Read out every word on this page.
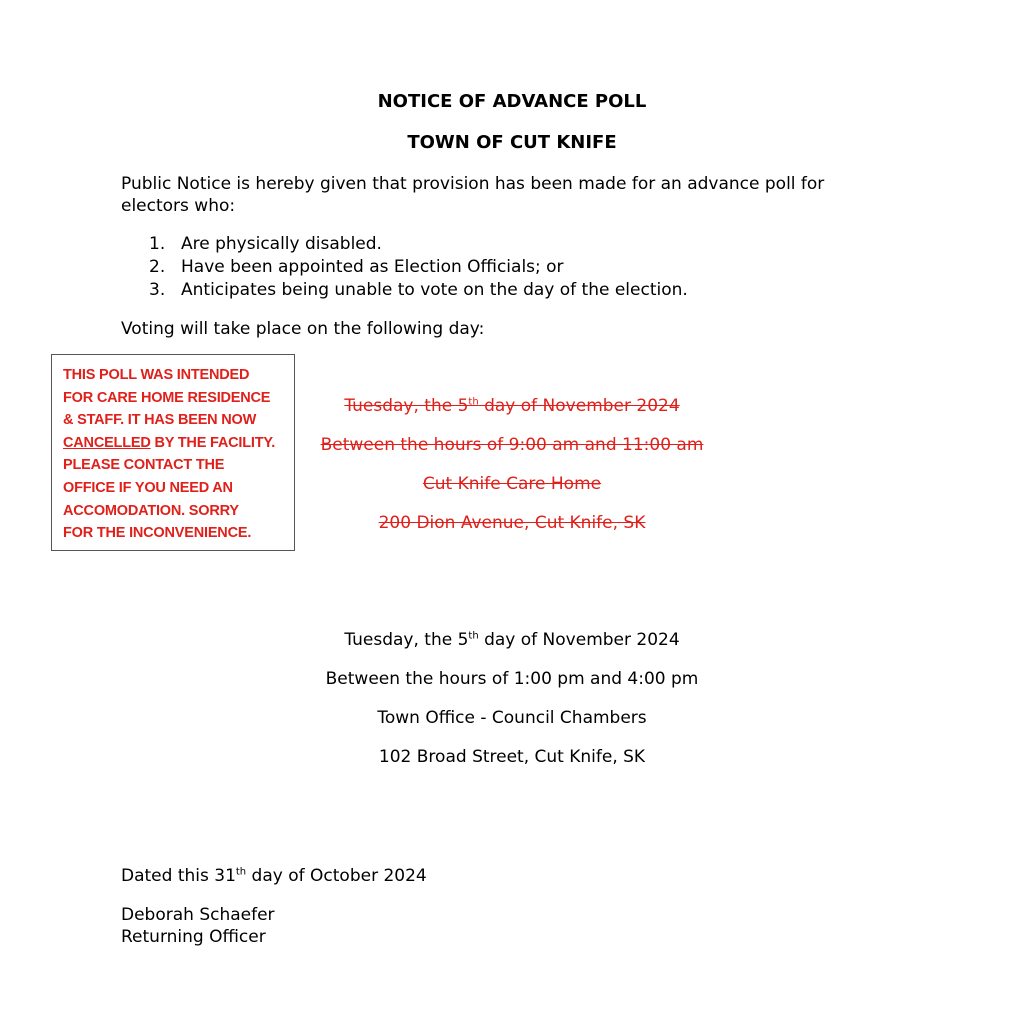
NOTICE OF ADVANCE POLL
TOWN OF CUT KNIFE
Public Notice is hereby given that provision has been made for an advance poll for
electors who:
1. Are physically disabled.
2. Have been appointed as Election Officials; or
3. Anticipates being unable to vote on the day of the election.
Voting will take place on the following day:
THIS POLL WAS INTENDED
FOR CARE HOME RESIDENCE
& STAFF. IT HAS BEEN NOW
CANCELLED BY THE FACILITY.
PLEASE CONTACT THE
OFFICE IF YOU NEED AN
ACCOMODATION. SORRY
FOR THE INCONVENIENCE.
Tuesday, the 5th day of November 2024
Between the hours of 9:00 am and 11:00 am
Cut Knife Care Home
200 Dion Avenue, Cut Knife, SK
Tuesday, the 5th day of November 2024
Between the hours of 1:00 pm and 4:00 pm
Town Office - Council Chambers
102 Broad Street, Cut Knife, SK
Dated this 31th day of October 2024
Deborah Schaefer
Returning Officer
